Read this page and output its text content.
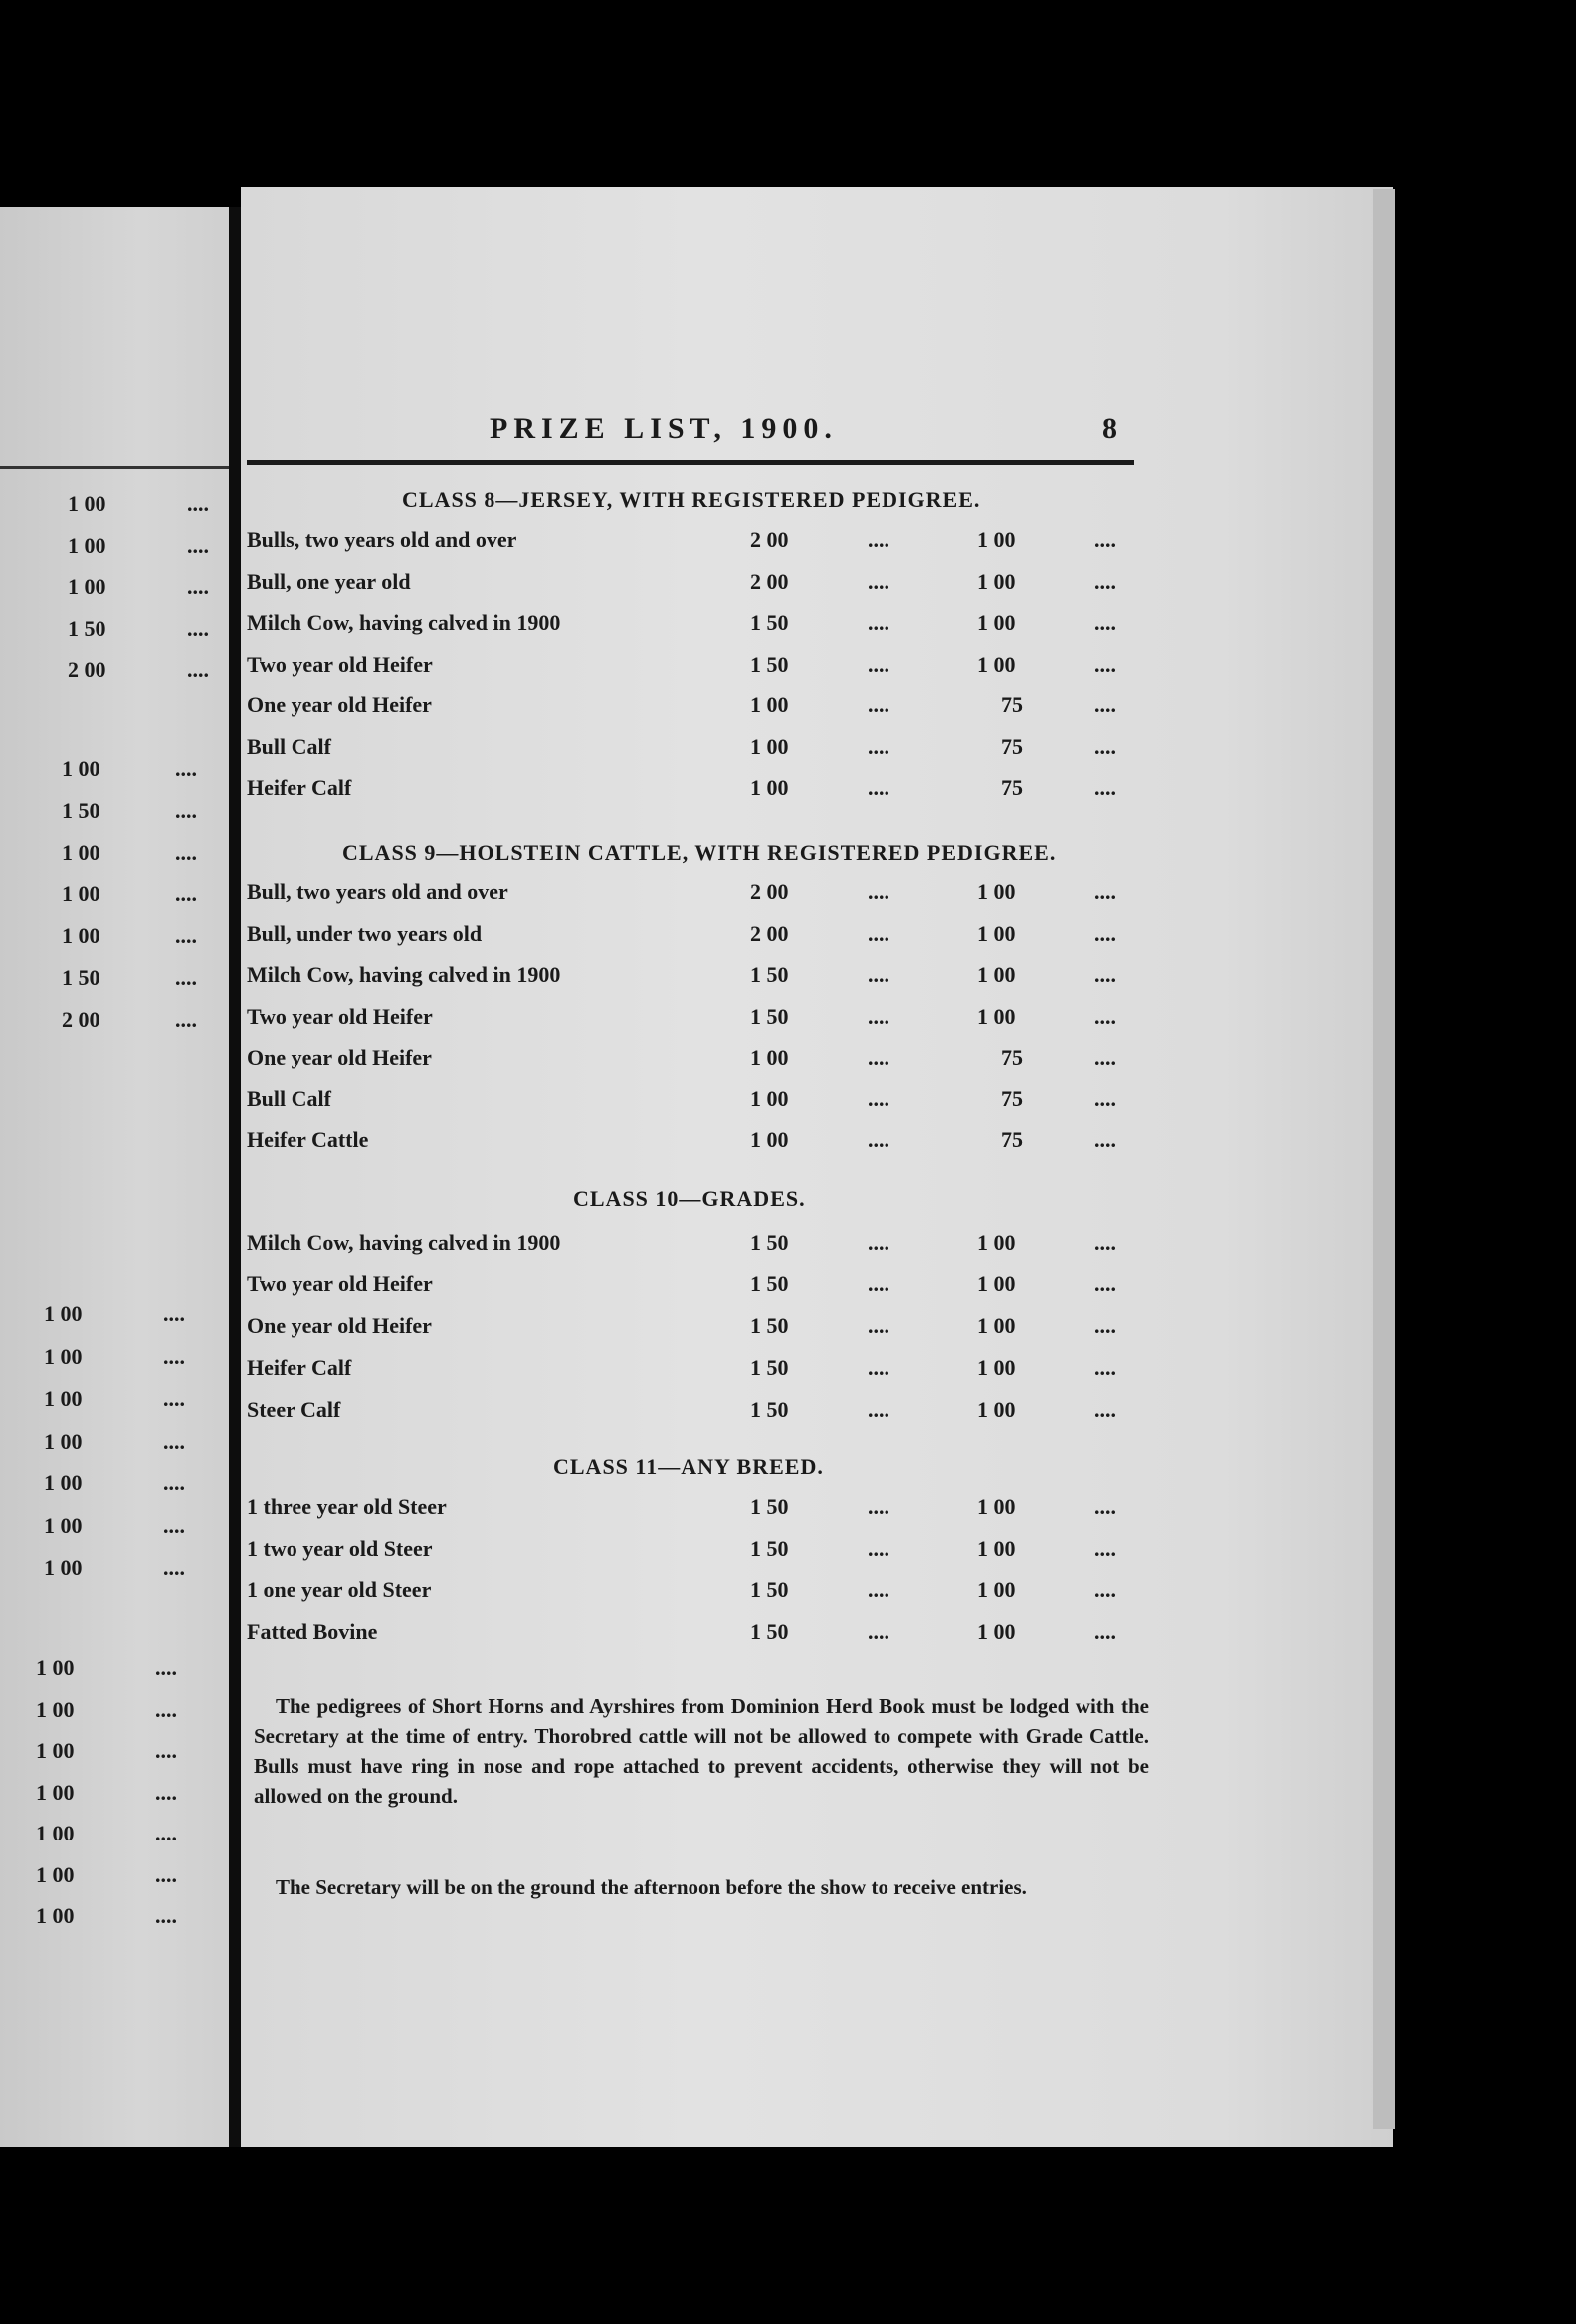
PRIZE LIST, 1900.	8
1 00	....
1 00	....
1 00	....
1 50	....
2 00	....
1 00	....
1 50	....
1 00	....
1 00	....
1 00	....
1 50	....
2 00	....
1 00	....
1 00	....
1 00	....
1 00	....
1 00	....
1 00	....
1 00	....
1 00	....
1 00	....
1 00	....
1 00	....
1 00	....
1 00	....
1 00	....
CLASS 8—JERSEY, WITH REGISTERED PEDIGREE.
Bulls, two years old and over	2 00	....	1 00	....
Bull, one year old	2 00	....	1 00	....
Milch Cow, having calved in 1900	1 50	....	1 00	....
Two year old Heifer	1 50	....	1 00	....
One year old Heifer	1 00	....	75	....
Bull Calf	1 00	....	75	....
Heifer Calf	1 00	....	75	....
CLASS 9—HOLSTEIN CATTLE, WITH REGISTERED PEDIGREE.
Bull, two years old and over	2 00	....	1 00	....
Bull, under two years old	2 00	....	1 00	....
Milch Cow, having calved in 1900	1 50	....	1 00	....
Two year old Heifer	1 50	....	1 00	....
One year old Heifer	1 00	....	75	....
Bull Calf	1 00	....	75	....
Heifer Cattle	1 00	....	75	....
CLASS 10—GRADES.
Milch Cow, having calved in 1900	1 50	....	1 00	....
Two year old Heifer	1 50	....	1 00	....
One year old Heifer	1 50	....	1 00	....
Heifer Calf	1 50	....	1 00	....
Steer Calf	1 50	....	1 00	....
CLASS 11—ANY BREED.
1 three year old Steer	1 50	....	1 00	....
1 two year old Steer	1 50	....	1 00	....
1 one year old Steer	1 50	....	1 00	....
Fatted Bovine	1 50	....	1 00	....
The pedigrees of Short Horns and Ayrshires from Dominion Herd Book must be lodged with the Secretary at the time of entry. Thorobred cattle will not be allowed to compete with Grade Cattle. Bulls must have ring in nose and rope attached to prevent accidents, otherwise they will not be allowed on the ground.
The Secretary will be on the ground the afternoon before the show to receive entries.
